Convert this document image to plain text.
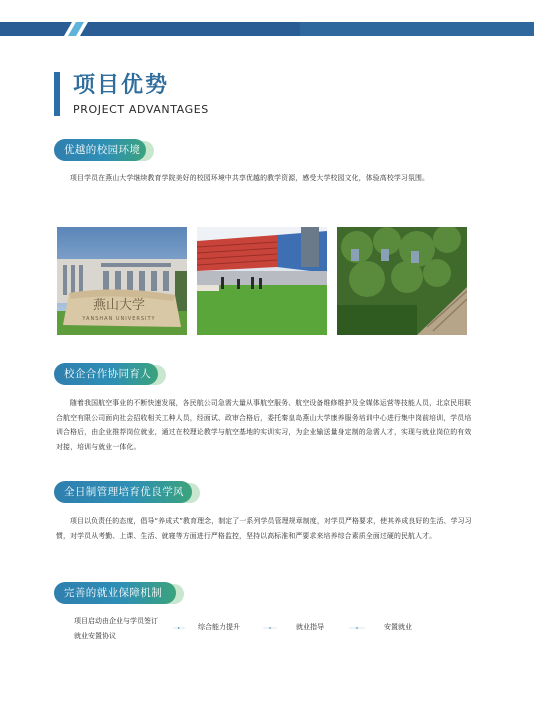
项目优势
PROJECT ADVANTAGES
优越的校园环境

项目学员在燕山大学继续教育学院美好的校园环境中共享优越的教学资源，感受大学校园文化，体验高校学习氛围。

燕山大学
YANSHAN UNIVERSITY
校企合作协同育人

随着我国航空事业的不断快速发展，各民航公司急需大量从事航空服务、航空设备维修维护及全媒体运营等技能人员，北京民用联合航空有限公司面向社会招收相关工种人员，经面试、政审合格后，委托秦皇岛燕山大学康养服务培训中心进行集中岗前培训，学员培训合格后，由企业推荐岗位就业，通过在校理论教学与航空基地的实训实习，为企业输送量身定制的急需人才，实现与就业岗位的有效对接，培训与就业一体化。

全日制管理培育优良学风

项目以负责任的态度，倡导“养成式”教育理念，制定了一系列学员管理规章制度，对学员严格要求，使其养成良好的生活、学习习惯，对学员从考勤、上课、生活、就寝等方面进行严格监控，坚持以高标准和严要求来培养综合素质全面过硬的民航人才。

完善的就业保障机制
项目启动由企业与学员签订就业安置协议
综合能力提升	就业指导	安置就业
